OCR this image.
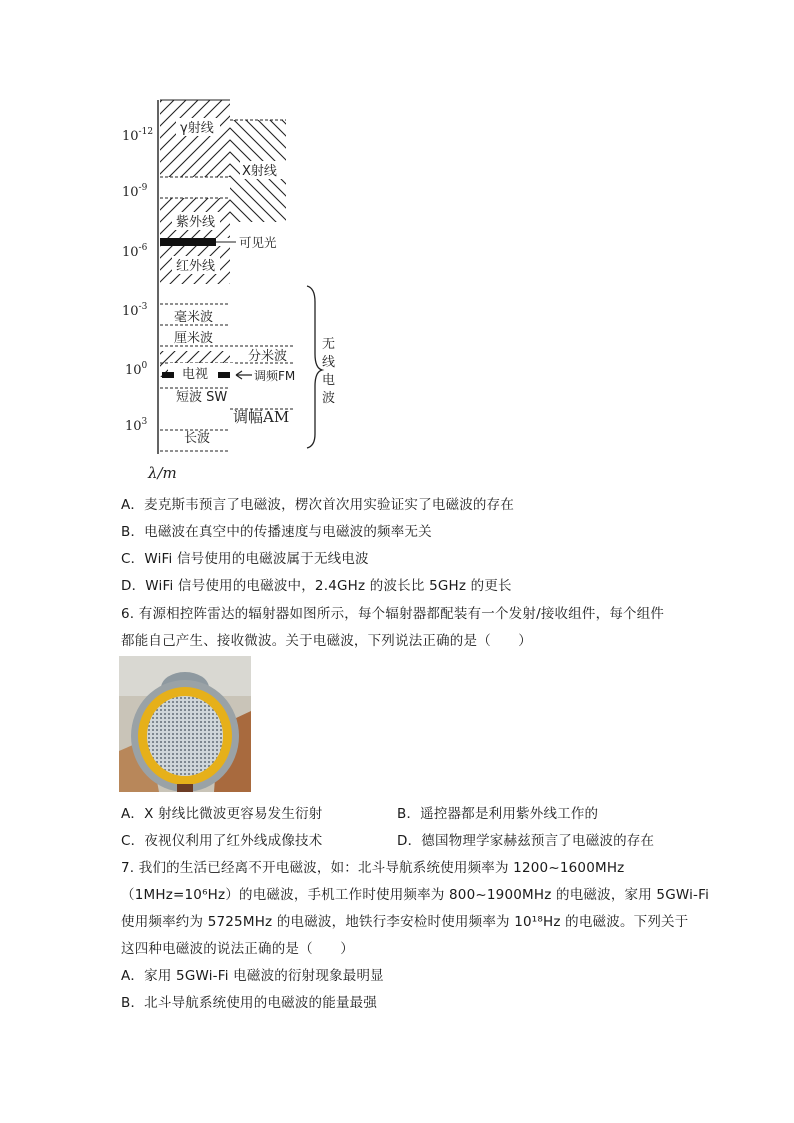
$10^{-12}$
$10^{-9}$
$10^{-6}$
$10^{-3}$
$10^0$
$10^3$
γ射线
X射线
紫外线
可见光
红外线
毫米波
厘米波
分米波
电视	调频FM
短波 SW
调幅AM
长波
无
线
电
波
λ/m
A．麦克斯韦预言了电磁波，楞次首次用实验证实了电磁波的存在
B．电磁波在真空中的传播速度与电磁波的频率无关
C．WiFi 信号使用的电磁波属于无线电波
D．WiFi 信号使用的电磁波中，2.4GHz 的波长比 5GHz 的更长
6. 有源相控阵雷达的辐射器如图所示，每个辐射器都配装有一个发射/接收组件，每个组件
都能自己产生、接收微波。关于电磁波，下列说法正确的是（　　）
A．X 射线比微波更容易发生衍射	B．遥控器都是利用紫外线工作的
C．夜视仪利用了红外线成像技术	D．德国物理学家赫兹预言了电磁波的存在
7. 我们的生活已经离不开电磁波，如：北斗导航系统使用频率为 1200~1600MHz
（1MHz=10⁶Hz）的电磁波，手机工作时使用频率为 800~1900MHz 的电磁波，家用 5GWi-Fi
使用频率约为 5725MHz 的电磁波，地铁行李安检时使用频率为 10¹⁸Hz 的电磁波。下列关于
这四种电磁波的说法正确的是（　　）
A．家用 5GWi-Fi 电磁波的衍射现象最明显
B．北斗导航系统使用的电磁波的能量最强
